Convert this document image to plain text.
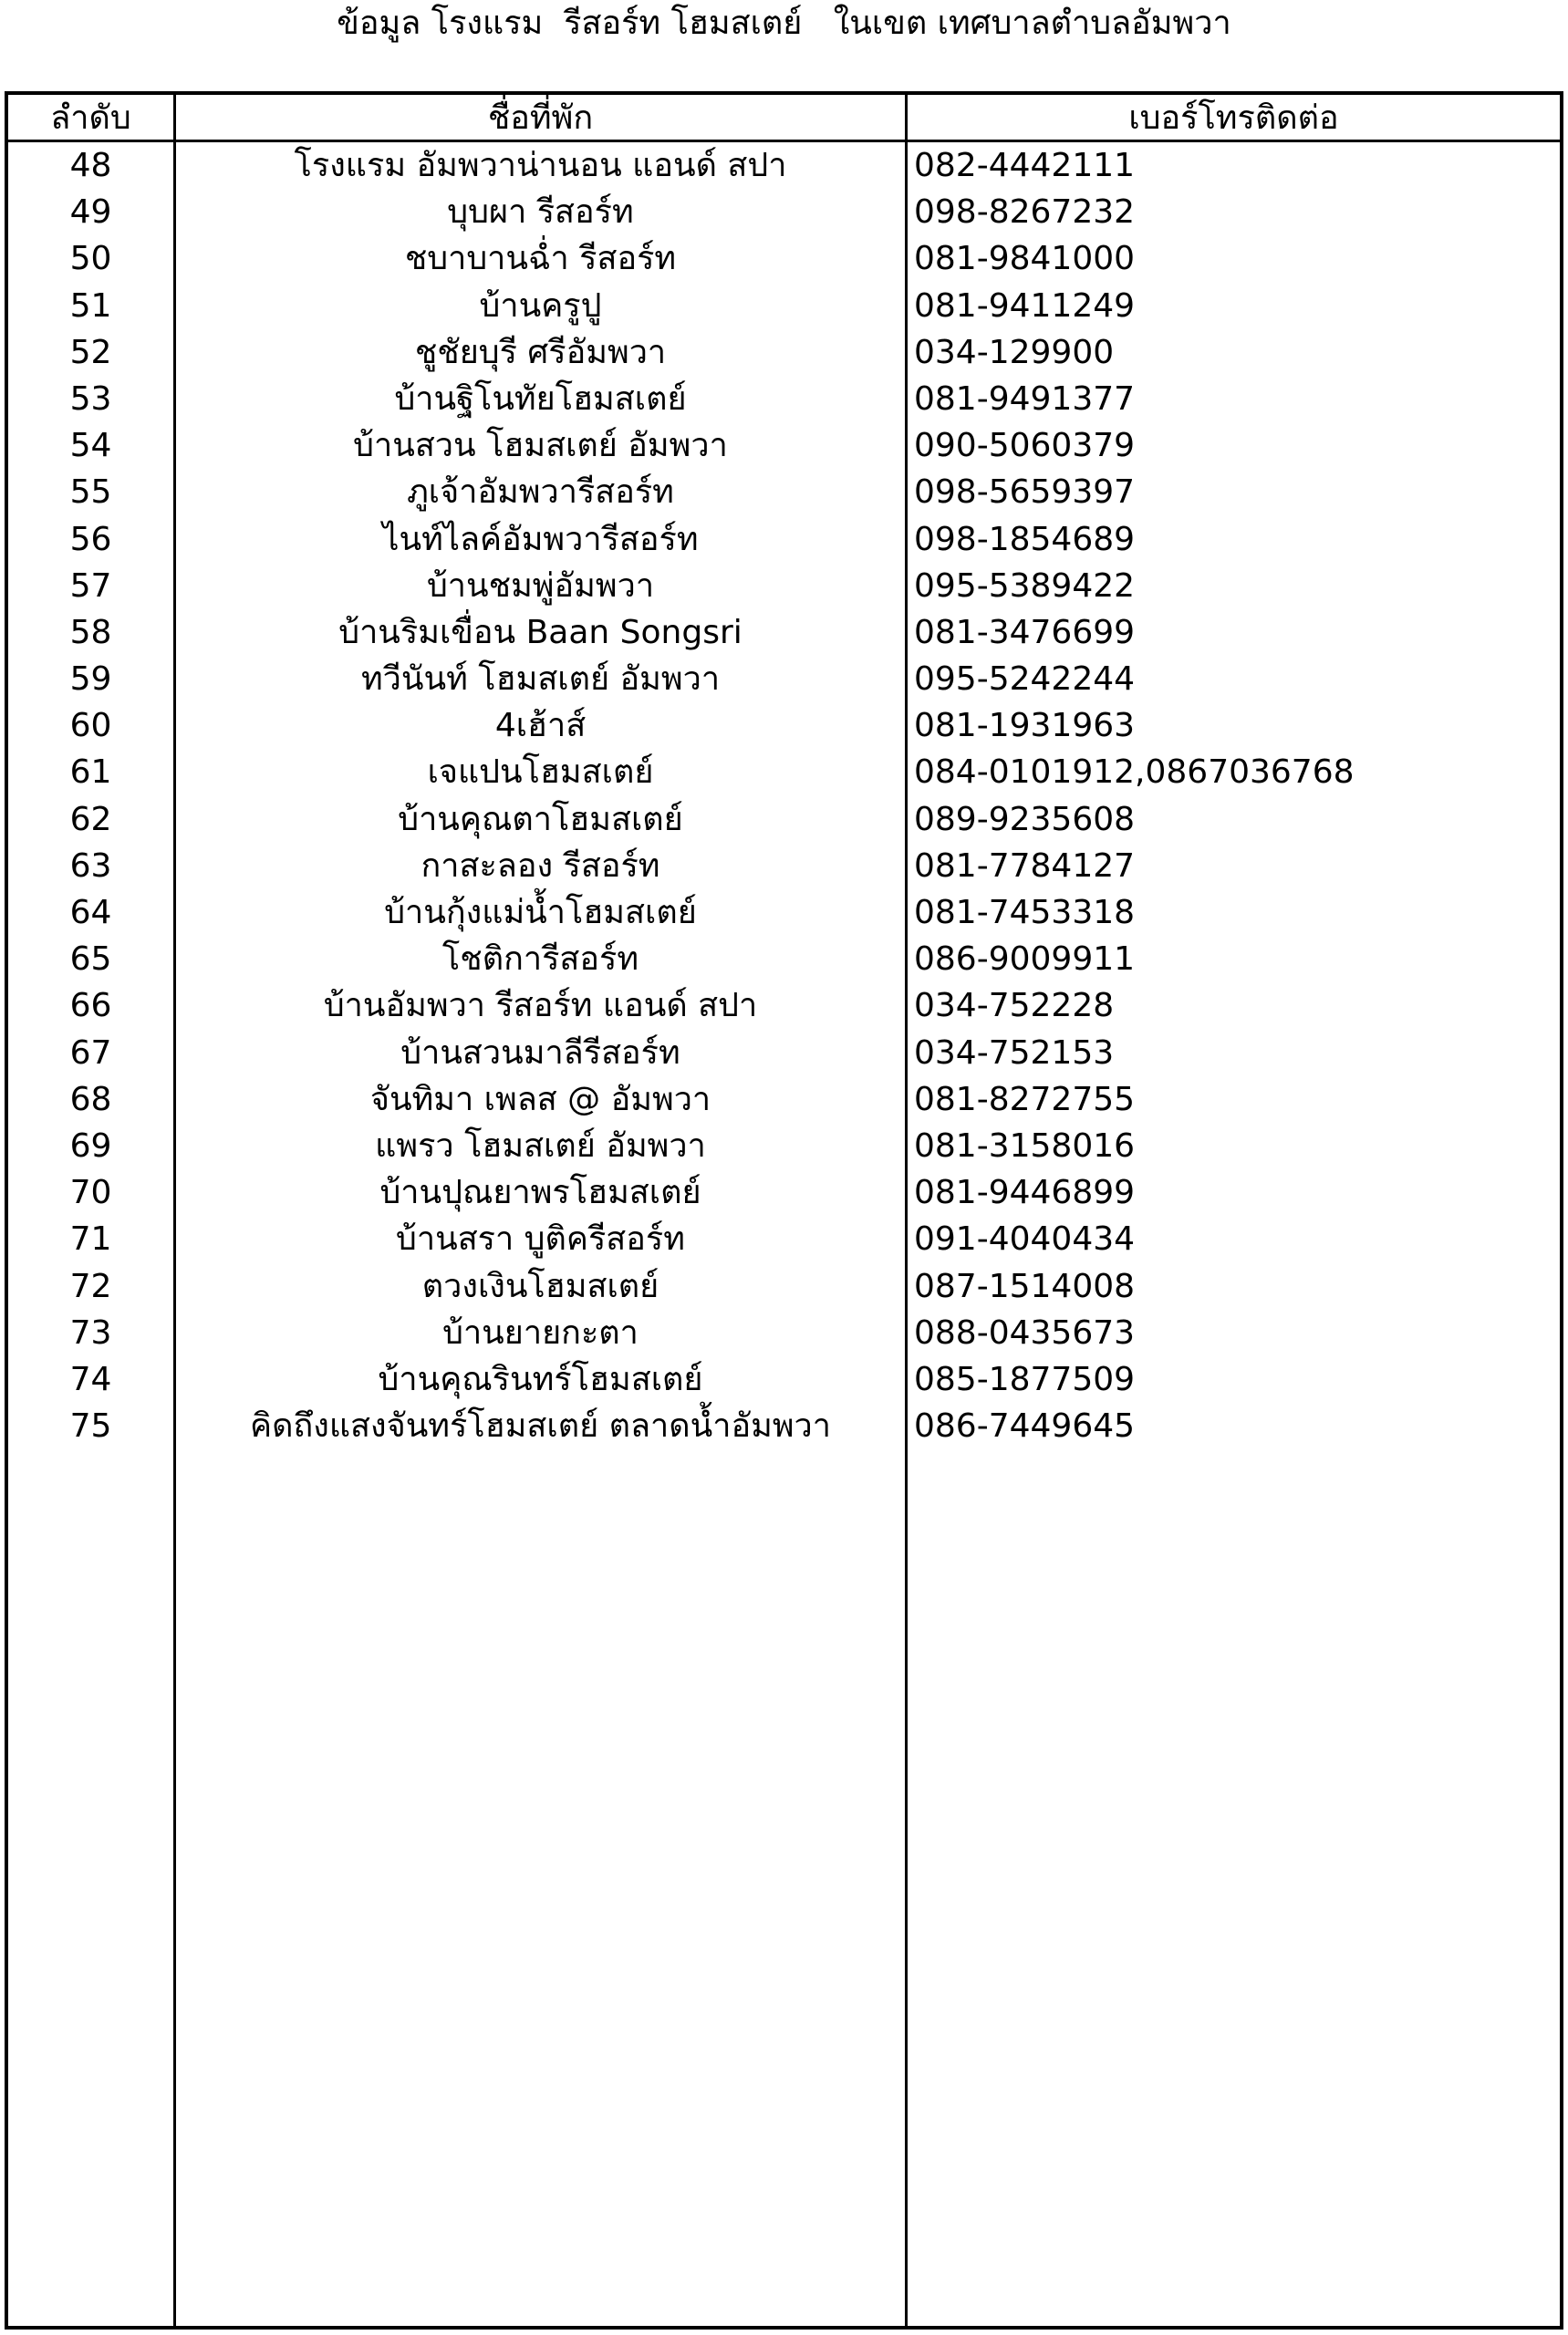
ข้อมูล โรงแรม  รีสอร์ท โฮมสเตย์   ในเขต เทศบาลตำบลอัมพวา
ลำดับ	ชื่อที่พัก	เบอร์โทรติดต่อ
48	โรงแรม อัมพวาน่านอน แอนด์ สปา	082-4442111
49	บุบผา รีสอร์ท	098-8267232
50	ชบาบานฉ่ำ รีสอร์ท	081-9841000
51	บ้านครูปู	081-9411249
52	ชูชัยบุรี ศรีอัมพวา	034-129900
53	บ้านฐิโนทัยโฮมสเตย์	081-9491377
54	บ้านสวน โฮมสเตย์ อัมพวา	090-5060379
55	ภูเจ้าอัมพวารีสอร์ท	098-5659397
56	ไนท์ไลค์อัมพวารีสอร์ท	098-1854689
57	บ้านชมพู่อัมพวา	095-5389422
58	บ้านริมเขื่อน Baan Songsri	081-3476699
59	ทวีนันท์ โฮมสเตย์ อัมพวา	095-5242244
60	4เฮ้าส์	081-1931963
61	เจแปนโฮมสเตย์	084-0101912,0867036768
62	บ้านคุณตาโฮมสเตย์	089-9235608
63	กาสะลอง รีสอร์ท	081-7784127
64	บ้านกุ้งแม่น้ำโฮมสเตย์	081-7453318
65	โชติการีสอร์ท	086-9009911
66	บ้านอัมพวา รีสอร์ท แอนด์ สปา	034-752228
67	บ้านสวนมาลีรีสอร์ท	034-752153
68	จันทิมา เพลส @ อัมพวา	081-8272755
69	แพรว โฮมสเตย์ อัมพวา	081-3158016
70	บ้านปุณยาพรโฮมสเตย์	081-9446899
71	บ้านสรา บูติครีสอร์ท	091-4040434
72	ตวงเงินโฮมสเตย์	087-1514008
73	บ้านยายกะตา	088-0435673
74	บ้านคุณรินทร์โฮมสเตย์	085-1877509
75	คิดถึงแสงจันทร์โฮมสเตย์ ตลาดน้ำอัมพวา	086-7449645
